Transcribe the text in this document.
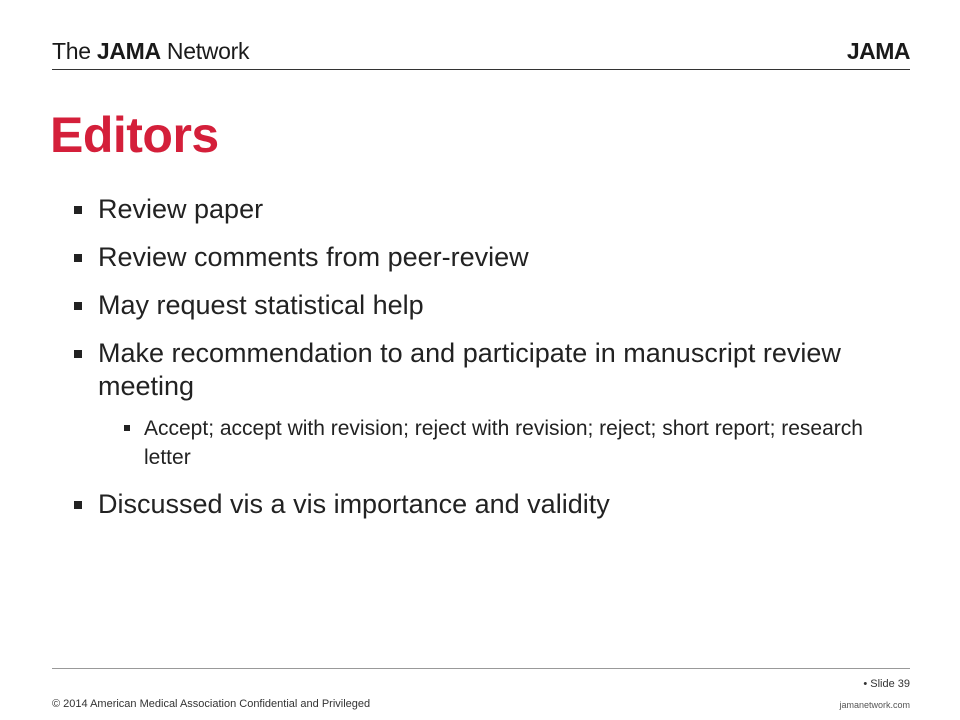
The JAMA Network	JAMA
Editors
Review paper
Review comments from peer-review
May request statistical help
Make recommendation to and participate in manuscript review meeting
Accept; accept with revision; reject with revision; reject; short report; research letter
Discussed vis a vis importance and validity
• Slide 39
© 2014 American Medical Association Confidential and Privileged	jamanetwork.com
